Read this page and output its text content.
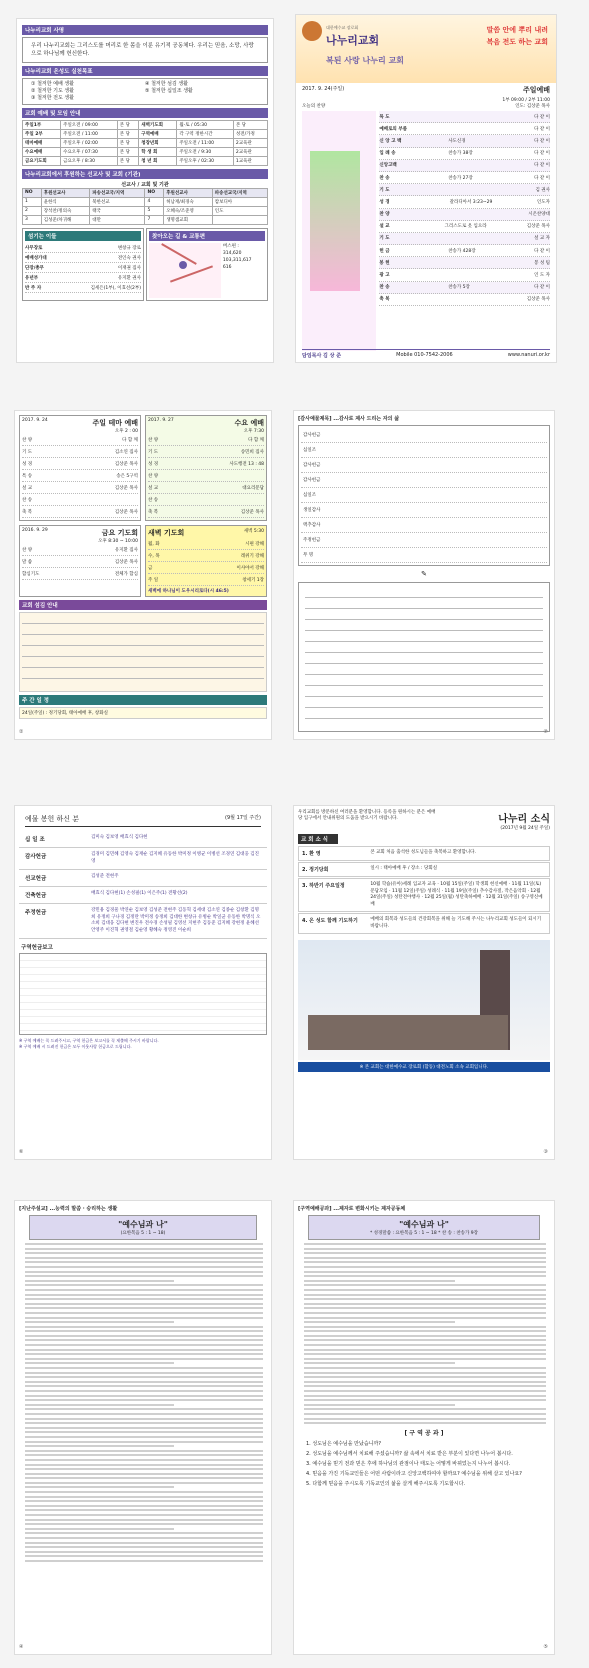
나누리교회 사명
우리 나누리교회는 그리스도를 머리로 한 몸을 이룬 유기적 공동체다. 우리는 믿음, 소망, 사랑으로 하나님께 헌신한다.
나누리교회 온성도 실천목표
① 철저한 예배 생활	④ 철저한 섬김 생활
② 철저한 기도 생활	⑤ 철저한 십일조 생활
③ 철저한 전도 생활
교회 예배 및 모임 안내
주일1부	주일오전 / 09:00	본 당	새벽기도회	월-토 / 05:30	본 당
주일 2부	주일오전 / 11:00	본 당	구역예배	각 구역 정한시간	성전/가정
테마예배	주일오후 / 02:00	본 당	청장년회	주일오전 / 11:00	2교육관
수요예배	수요오후 / 07:30	본 당	학 생 회	주일오전 / 9:30	2교육관
금요기도회	금요오후 / 8:30	본 당	청 년 회	주일오후 / 02:30	1교육관
나누리교회에서 후원하는 선교사 및 교회 (기관)
선교사 / 교회 및 기관
NO	후원선교사	파송선교국/지역	NO	후원선교사	파송선교국/지역
1	윤한식	북한선교	4	허남재/최경숙	캄보디아
2	장석찬/정의숙	태국	5	오혜숙/조준영	인도
3	김성준/차귀해	대만	7	생명샘교회	
섬기는 이들
사무장로	변창규 장로
예배성가대	전인숙 권사
단장/총무	이재권 집사
유년부	유지환 권사
반 주 자	김세은(1부), 이효선(2부)
찾아오는 길 & 교통편
버스편 :
314,620
103,311,617
616
대한예수교 장로회
나누리교회
말씀 안에 뿌리 내려
복음 전도 하는 교회
복된 사랑 나누리 교회
2017. 9. 24(주일)	주일예배
1부 09:00 / 2부 11:00
오늘의 찬양	인도: 김상준 목사
묵 도	다 같 이
예배로의 부름	다 같 이
신 앙 고 백	사도신경	다 같 이
입 례 송	찬송가 38장	다 같 이
신앙고백	다 같 이
찬 송	찬송가 27장	다 같 이
기 도	김 권사
성 경	갈라디아서 3:23~29	인도자
찬 양	시온찬양대
설 교	그리스도로 옷 입으라	김상준 목사
기 도	설 교 자
헌 금	찬송가 428장	다 같 이
봉 헌	봉 성 팀
광 고	인 도 자
찬 송	찬송가 5장	다 같 이
축 복	김상준 목사
담임목사 김 상 준	Mobile 010-7542-2006	www.nanuri.or.kr
2017. 9. 24	주일 테마 예배
오후 2 : 00
찬 양	다 함 께
기 도	김소연 집사
성 경	김상준 목사
특 송	송은 5구역
설 교	김상준 목사
찬 송
축 복	김상준 목사
2017. 9. 27	수요 예배
오후 7:30
찬 양	다 함 께
기 도	송민희 집사
성 경	사도행전 13 : 48
찬 양
설 교	대요리문답
찬 송
축 복	김상준 목사
2016. 9. 29	금요 기도회
오후 8:30 ~ 10:00
찬 양	유지환 집사
말 씀	김상준 목사
합심기도	전체가 합심
새벽 기도회	새벽 5:30
월, 화	시편 강해
수, 목	레위기 강해
금	이사야서 강해
주 일	창세기 1장
새벽에 하나님이 도우시리로다(시 46:5)
교회 섬김 안내
주 간 일 정
24일(주일) : 정기당회, 태아예배 후, 창화실
②
[감사예물제목] ...감사로 제사 드리는 자의 삶
감사헌금
십일조
감사헌금
감사헌금
십일조
생일감사
맥추감사
주정헌금
무 명
✎
⑦
예물 봉헌 하신 분	(9월 17일 주간)
십 일 조	김미숙 김보영 배효식 김다현
감사헌금	김경미 김민혜 김영숙 김재순 김지혜 유동한 박미정 이병균 이병선 조경연 김대웅 김진영
선교헌금	김성준 전현주
건축헌금	배효식 김다현(1) 손성필(1) 이은주(1) 전황선(2)
주정헌금	강민용 김경물 박연순 김보영 김성준 전현주 김동혁 김세대 김소연 김종순 김창환 김명희 유정희 구나경 김정란 박미정 송정희 김대한 변창규 유병순 박일균 유동한 박명식 오소희 김대웅 김다현 변진우 전수경 손성필 김영선 지현주 김동준 김지혜 강현정 윤혜선 안영주 이진혁 권영철 김순영 황혜숙 정영진 이순희
구역헌금보고
※ 구역 예배는 꼭 드려주시고, 구역 헌금은 보고서를 꼭 제출해 주시기 바랍니다.
※ 구역 예배 시 드려진 헌금은 모두 이웃사랑 헌금으로 드립니다.
⑥
우리교회를 방문하신 여러분을 환영합니다. 등록을 원하시는 분은 예배당 입구에서 안내위원의 도움을 받으시기 바랍니다.	나누리 소식
(2017년 9월 24일 주일)
교 회 소 식
1. 환 영	본 교회 처음 출석한 성도님들을 축복하고 환영합니다.
2. 정기당회	일시 : 태아예배 후 / 장소 : 당회실
3. 하반기 주요일정	10월 학습(유아)세례 입교자 교육 · 10월 15일(주일) 학생회 헌신예배 · 11월 11일(토) 문답모임 · 11월 12일(주일) 성례식 · 11월 19일(주일) 추수감사절, 작은음악회 · 12월 24일(주일) 성탄전야행사 · 12월 25일(월) 성탄축하예배 · 12월 31일(주일) 송구영신예배
4. 온 성도 함께 기도하기	예배의 회복과 성도들의 건강회복을 위해 늘 기도해 주시는 나누리교회 성도들이 되시기 바랍니다.
※ 본 교회는 대한예수교 장로회 (합동) 대전노회 소속 교회입니다.
③
[지난주설교] ...능력의 말씀 · 승리하는 생활
"예수님과 나"
(요한복음 5 : 1 ~ 18)
④
[구역예배공과] ...제자로 변화시키는 제자공동체
"예수님과 나"
* 성경말씀 : 요한복음 5 : 1 ~ 18 * 찬 송 : 찬송가 9장
[ 구 역 공 과 ]
1. 성도님은 예수님을 만났습니까?
2. 성도님을 예수님께서 치료해 주셨습니까? 삶 속에서 치료 받은 부분이 있다면 나누어 봅시다.
3. 예수님을 믿기 전과 믿은 후에 하나님의 관점이나 태도는 어떻게 바뀌었는지 나누어 봅시다.
4. 믿음을 가진 기독교인들은 어떤 사람이라고 신앙고백하여야 할까요? 예수님을 위해 살고 있나요?
5. 다함께 믿음을 주시도록 기독교인의 삶을 살게 해주시도록 기도합시다.
⑤
